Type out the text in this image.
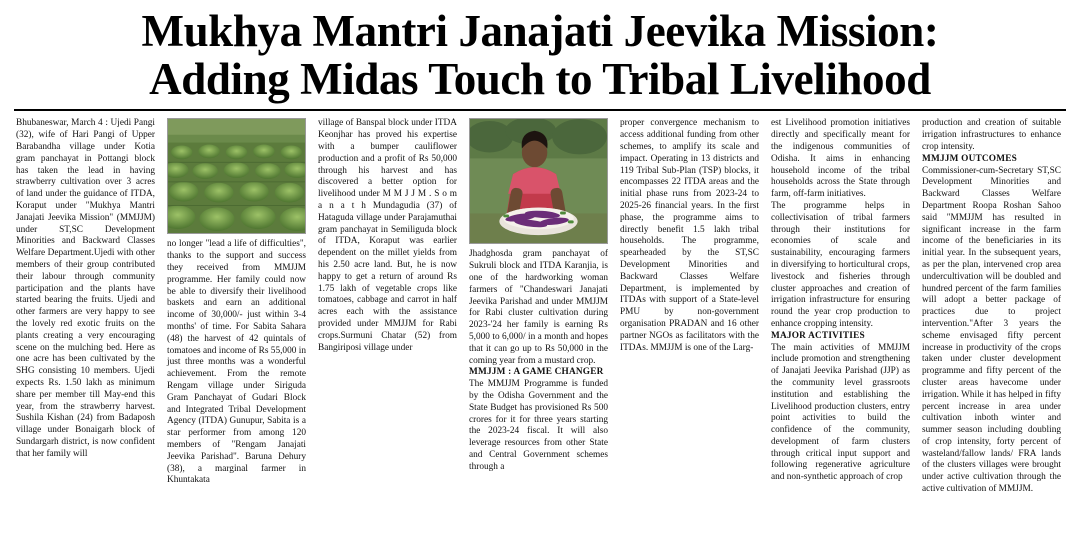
Mukhya Mantri Janajati Jeevika Mission:
Adding Midas Touch to Tribal Livelihood

Bhubaneswar, March 4 : Ujedi Pangi (32), wife of Hari Pangi of Upper Barabandha village under Kotia gram panchayat in Pottangi block has taken the lead in having strawberry cultivation over 3 acres of land under the guidance of ITDA, Koraput under "Mukhya Mantri Janajati Jeevika Mission" (MMJJM) under ST,SC Development Minorities and Backward Classes Welfare Department.Ujedi with other members of their group contributed their labour through community participation and the plants have started bearing the fruits. Ujedi and other farmers are very happy to see the lovely red exotic fruits on the plants creating a very encouraging scene on the mulching bed. Here as one acre has been cultivated by the SHG consisting 10 members. Ujedi expects Rs. 1.50 lakh as minimum share per member till May-end this year, from the strawberry harvest. Sushila Kishan (24) from Badaposh village under Bonaigarh block of Sundargarh district, is now confident that her family will

no longer "lead a life of difficulties", thanks to the support and success they received from MMJJM programme. Her family could now be able to diversify their livelihood baskets and earn an additional income of 30,000/- just within 3-4 months' of time. For Sabita Sahara (48) the harvest of 42 quintals of tomatoes and income of Rs 55,000 in just three months was a wonderful achievement. From the remote Rengam village under Siriguda Gram Panchayat of Gudari Block and Integrated Tribal Development Agency (ITDA) Gunupur, Sabita is a star performer from among 120 members of "Rengam Janajati Jeevika Parishad". Baruna Dehury (38), a marginal farmer in Khuntakata

village of Banspal block under ITDA Keonjhar has proved his expertise with a bumper cauliflower production and a profit of Rs 50,000 through his harvest and has discovered a better option for livelihood under M M J J M . S o m a n a t h Mundagudia (37) of Hataguda village under Parajamuthai gram panchayat in Semiliguda block of ITDA, Koraput was earlier dependent on the millet yields from his 2.50 acre land. But, he is now happy to get a return of around Rs 1.75 lakh of vegetable crops like tomatoes, cabbage and carrot in half acres each with the assistance provided under MMJJM for Rabi crops.Surmuni Chatar (52) from Bangiriposi village under

Jhadghosda gram panchayat of Sukruli block and ITDA Karanjia, is one of the hardworking woman farmers of "Chandeswari Janajati Jeevika Parishad and under MMJJM for Rabi cluster cultivation during 2023-'24 her family is earning Rs 5,000 to 6,000/ in a month and hopes that it can go up to Rs 50,000 in the coming year from a mustard crop.

MMJJM : A GAME CHANGER

The MMJJM Programme is funded by the Odisha Government and the State Budget has provisioned Rs 500 crores for it for three years starting the 2023-24 fiscal. It will also leverage resources from other State and Central Government schemes through a

proper convergence mechanism to access additional funding from other schemes, to amplify its scale and impact. Operating in 13 districts and 119 Tribal Sub-Plan (TSP) blocks, it encompasses 22 ITDA areas and the initial phase runs from 2023-24 to 2025-26 financial years. In the first phase, the programme aims to directly benefit 1.5 lakh tribal households. The programme, spearheaded by the ST,SC Development Minorities and Backward Classes Welfare Department, is implemented by ITDAs with support of a State-level PMU by non-government organisation PRADAN and 16 other partner NGOs as facilitators with the ITDAs. MMJJM is one of the Larg-

est Livelihood promotion initiatives directly and specifically meant for the indigenous communities of Odisha. It aims in enhancing household income of the tribal households across the State through farm, off-farm initiatives.

The programme helps in collectivisation of tribal farmers through their institutions for economies of scale and sustainability, encouraging farmers in diversifying to horticultural crops, livestock and fisheries through cluster approaches and creation of irrigation infrastructure for ensuring round the year crop production to enhance cropping intensity.

MAJOR ACTIVITIES

The main activities of MMJJM include promotion and strengthening of Janajati Jeevika Parishad (JJP) as the community level grassroots institution and establishing the Livelihood production clusters, entry point activities to build the confidence of the community, development of farm clusters through critical input support and following regenerative agriculture and non-synthetic approach of crop

production and creation of suitable irrigation infrastructures to enhance crop intensity.

MMJJM OUTCOMES

Commissioner-cum-Secretary ST,SC Development Minorities and Backward Classes Welfare Department Roopa Roshan Sahoo said "MMJJM has resulted in significant increase in the farm income of the beneficiaries in its initial year. In the subsequent years, as per the plan, intervened crop area undercultivation will be doubled and hundred percent of the farm families will adopt a better package of practices due to project intervention."After 3 years the scheme envisaged fifty percent increase in productivity of the crops taken under cluster development programme and fifty percent of the cluster areas havecome under irrigation. While it has helped in fifty percent increase in area under cultivation inboth winter and summer season including doubling of crop intensity, forty percent of wasteland/fallow lands/ FRA lands of the clusters villages were brought under active cultivation through the active cultivation of MMJJM.
